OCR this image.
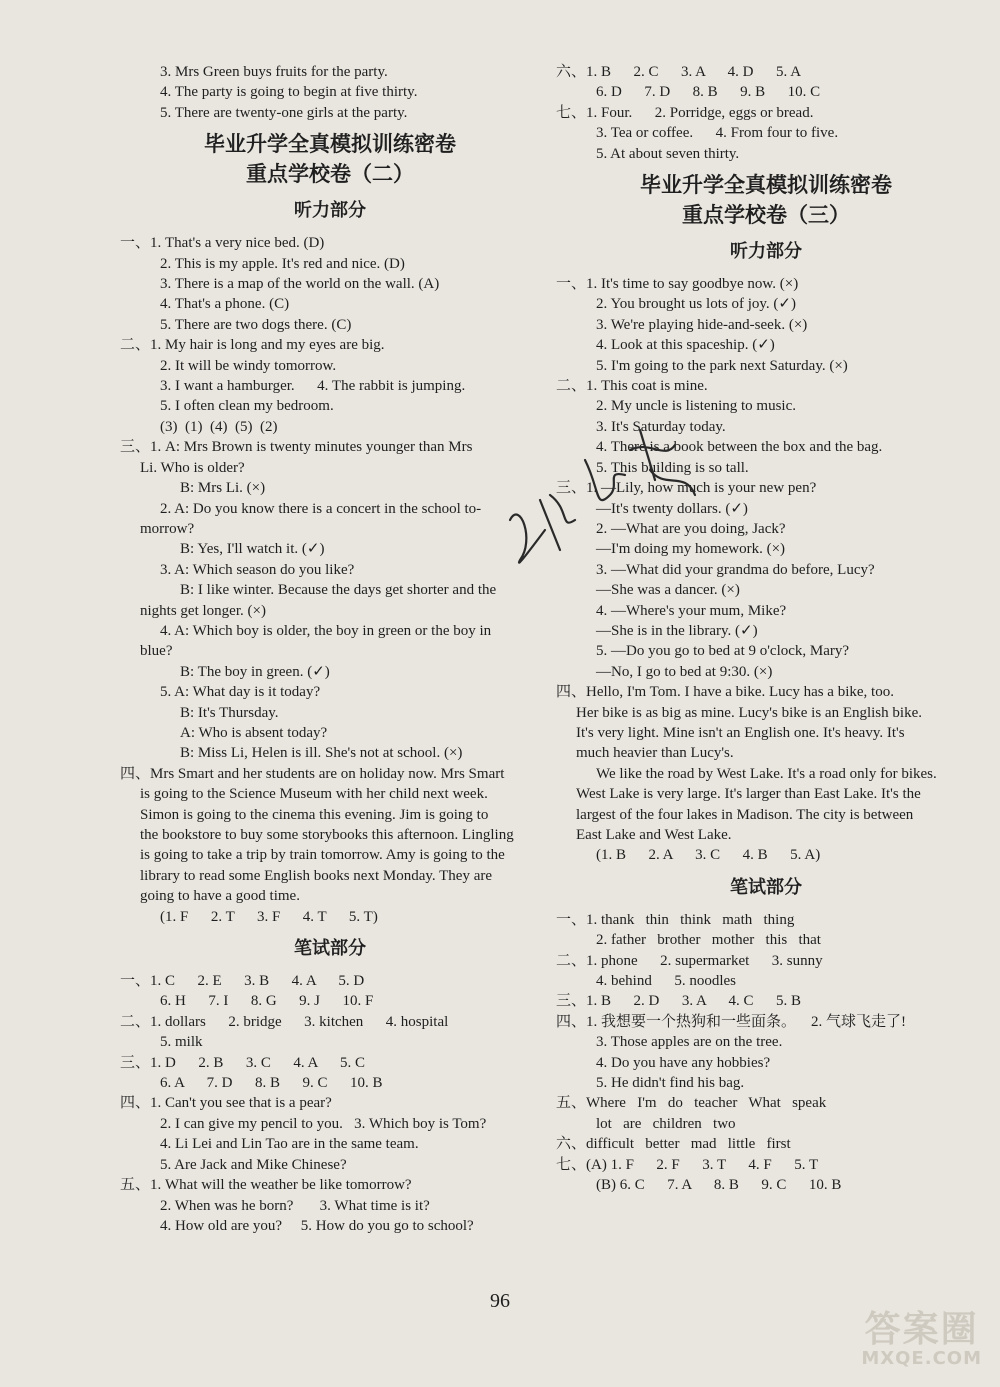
3. Mrs Green buys fruits for the party.
4. The party is going to begin at five thirty.
5. There are twenty-one girls at the party.
毕业升学全真模拟训练密卷
重点学校卷（二）
听力部分
一、1. That's a very nice bed. (D)
2. This is my apple. It's red and nice. (D)
3. There is a map of the world on the wall. (A)
4. That's a phone. (C)
5. There are two dogs there. (C)
二、1. My hair is long and my eyes are big.
2. It will be windy tomorrow.
3. I want a hamburger.      4. The rabbit is jumping.
5. I often clean my bedroom.
(3)  (1)  (4)  (5)  (2)
三、1. A: Mrs Brown is twenty minutes younger than Mrs
Li. Who is older?
B: Mrs Li. (×)
2. A: Do you know there is a concert in the school to-
morrow?
B: Yes, I'll watch it. (✓)
3. A: Which season do you like?
B: I like winter. Because the days get shorter and the
nights get longer. (×)
4. A: Which boy is older, the boy in green or the boy in
blue?
B: The boy in green. (✓)
5. A: What day is it today?
B: It's Thursday.
A: Who is absent today?
B: Miss Li, Helen is ill. She's not at school. (×)
四、Mrs Smart and her students are on holiday now. Mrs Smart
is going to the Science Museum with her child next week.
Simon is going to the cinema this evening. Jim is going to
the bookstore to buy some storybooks this afternoon. Lingling
is going to take a trip by train tomorrow. Amy is going to the
library to read some English books next Monday. They are
going to have a good time.
(1. F      2. T      3. F      4. T      5. T)
笔试部分
一、1. C      2. E      3. B      4. A      5. D
6. H      7. I      8. G      9. J      10. F
二、1. dollars      2. bridge      3. kitchen      4. hospital
5. milk
三、1. D      2. B      3. C      4. A      5. C
6. A      7. D      8. B      9. C      10. B
四、1. Can't you see that is a pear?
2. I can give my pencil to you.   3. Which boy is Tom?
4. Li Lei and Lin Tao are in the same team.
5. Are Jack and Mike Chinese?
五、1. What will the weather be like tomorrow?
2. When was he born?       3. What time is it?
4. How old are you?     5. How do you go to school?
六、1. B      2. C      3. A      4. D      5. A
6. D      7. D      8. B      9. B      10. C
七、1. Four.      2. Porridge, eggs or bread.
3. Tea or coffee.      4. From four to five.
5. At about seven thirty.
毕业升学全真模拟训练密卷
重点学校卷（三）
听力部分
一、1. It's time to say goodbye now. (×)
2. You brought us lots of joy. (✓)
3. We're playing hide-and-seek. (×)
4. Look at this spaceship. (✓)
5. I'm going to the park next Saturday. (×)
二、1. This coat is mine.
2. My uncle is listening to music.
3. It's Saturday today.
4. There is a book between the box and the bag.
5. This building is so tall.
三、1. —Lily, how much is your new pen?
—It's twenty dollars. (✓)
2. —What are you doing, Jack?
—I'm doing my homework. (×)
3. —What did your grandma do before, Lucy?
—She was a dancer. (×)
4. —Where's your mum, Mike?
—She is in the library. (✓)
5. —Do you go to bed at 9 o'clock, Mary?
—No, I go to bed at 9:30. (×)
四、Hello, I'm Tom. I have a bike. Lucy has a bike, too.
Her bike is as big as mine. Lucy's bike is an English bike.
It's very light. Mine isn't an English one. It's heavy. It's
much heavier than Lucy's.
We like the road by West Lake. It's a road only for bikes.
West Lake is very large. It's larger than East Lake. It's the
largest of the four lakes in Madison. The city is between
East Lake and West Lake.
(1. B      2. A      3. C      4. B      5. A)
笔试部分
一、1. thank   thin   think   math   thing
2. father   brother   mother   this   that
二、1. phone      2. supermarket      3. sunny
4. behind      5. noodles
三、1. B      2. D      3. A      4. C      5. B
四、1. 我想要一个热狗和一些面条。    2. 气球飞走了!
3. Those apples are on the tree.
4. Do you have any hobbies?
5. He didn't find his bag.
五、Where   I'm   do   teacher   What   speak
lot   are   children   two
六、difficult   better   mad   little   first
七、(A) 1. F      2. F      3. T      4. F      5. T
(B) 6. C      7. A      8. B      9. C      10. B
96
答案圈
MXQE.COM
